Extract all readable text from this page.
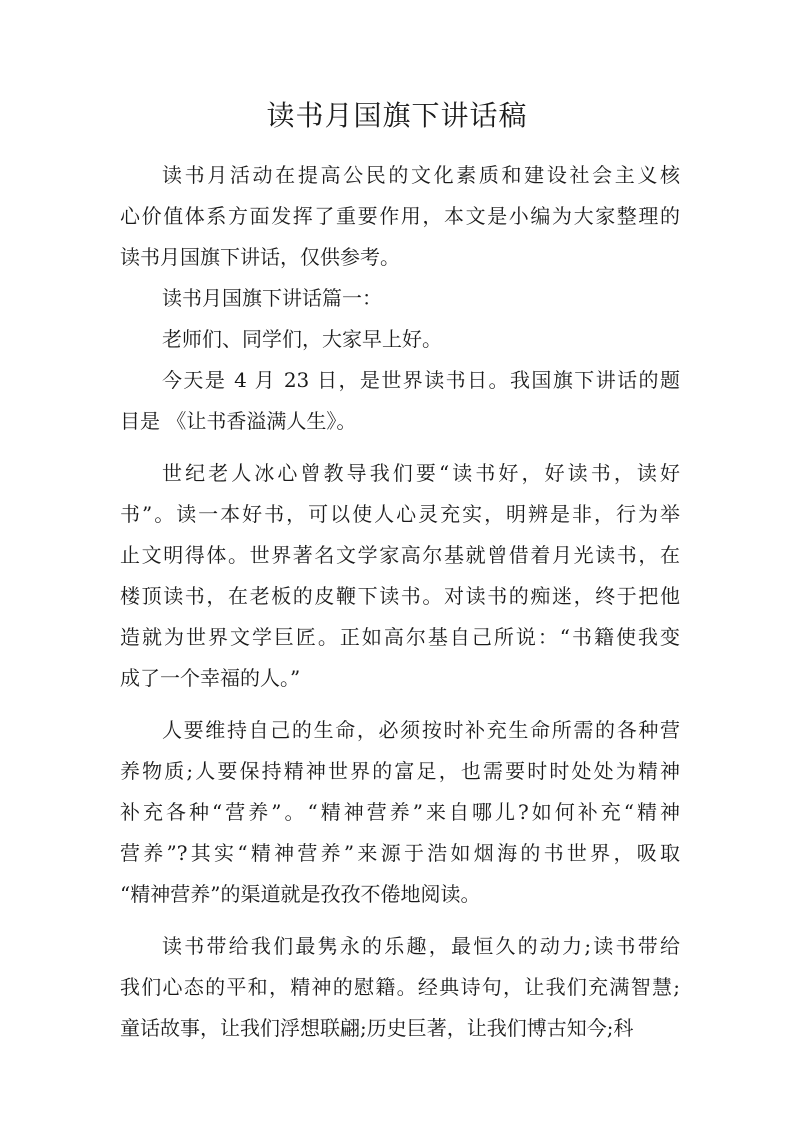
读书月国旗下讲话稿
读书月活动在提高公民的文化素质和建设社会主义核
心价值体系方面发挥了重要作用，本文是小编为大家整理的
读书月国旗下讲话，仅供参考。
读书月国旗下讲话篇一：
老师们、同学们，大家早上好。
今天是 4 月 23 日，是世界读书日。我国旗下讲话的题
目是 《让书香溢满人生》。
世纪老人冰心曾教导我们要“读书好，好读书，读好
书”。读一本好书，可以使人心灵充实，明辨是非，行为举
止文明得体。世界著名文学家高尔基就曾借着月光读书，在
楼顶读书，在老板的皮鞭下读书。对读书的痴迷，终于把他
造就为世界文学巨匠。正如高尔基自己所说：“书籍使我变
成了一个幸福的人。”
人要维持自己的生命，必须按时补充生命所需的各种营
养物质;人要保持精神世界的富足，也需要时时处处为精神
补充各种“营养”。“精神营养”来自哪儿?如何补充“精神
营养”?其实“精神营养”来源于浩如烟海的书世界，吸取
“精神营养”的渠道就是孜孜不倦地阅读。
读书带给我们最隽永的乐趣，最恒久的动力;读书带给
我们心态的平和，精神的慰籍。经典诗句，让我们充满智慧;
童话故事，让我们浮想联翩;历史巨著，让我们博古知今;科
